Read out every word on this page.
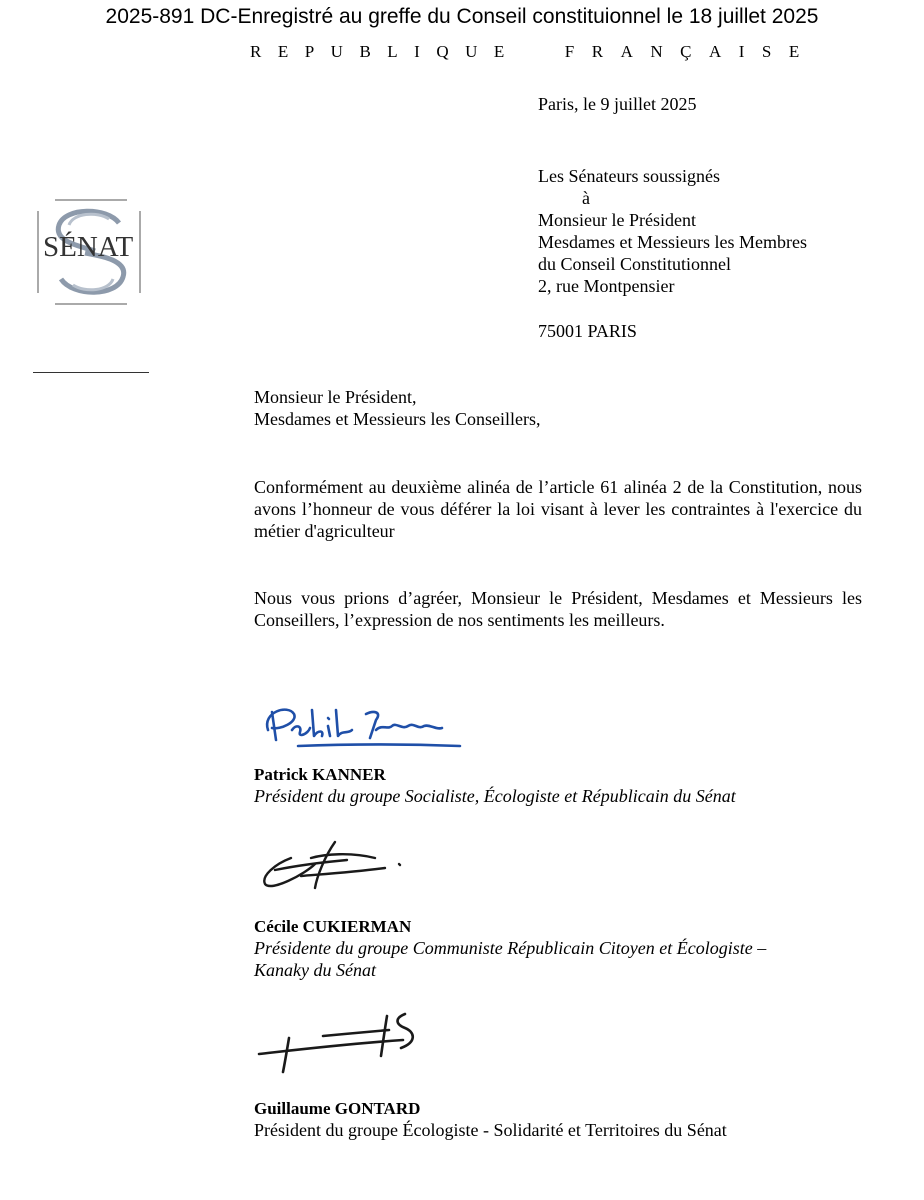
2025-891 DC-Enregistré au greffe du Conseil constituionnel le 18 juillet 2025
REPUBLIQUE	FRANÇAISE
SÉNAT
Paris, le 9 juillet 2025
Les Sénateurs soussignés
à
Monsieur le Président
Mesdames et Messieurs les Membres
du Conseil Constitutionnel
2, rue Montpensier
75001 PARIS
Monsieur le Président,
Mesdames et Messieurs les Conseillers,
Conformément au deuxième alinéa de l’article 61 alinéa 2 de la Constitution, nous avons l’honneur de vous déférer la loi visant à lever les contraintes à l'exercice du métier d'agriculteur
Nous vous prions d’agréer, Monsieur le Président, Mesdames et Messieurs les Conseillers, l’expression de nos sentiments les meilleurs.
Patrick KANNER
Président du groupe Socialiste, Écologiste et Républicain du Sénat
Cécile CUKIERMAN
Présidente du groupe Communiste Républicain Citoyen et Écologiste –
Kanaky du Sénat
Guillaume GONTARD
Président du groupe Écologiste - Solidarité et Territoires du Sénat
